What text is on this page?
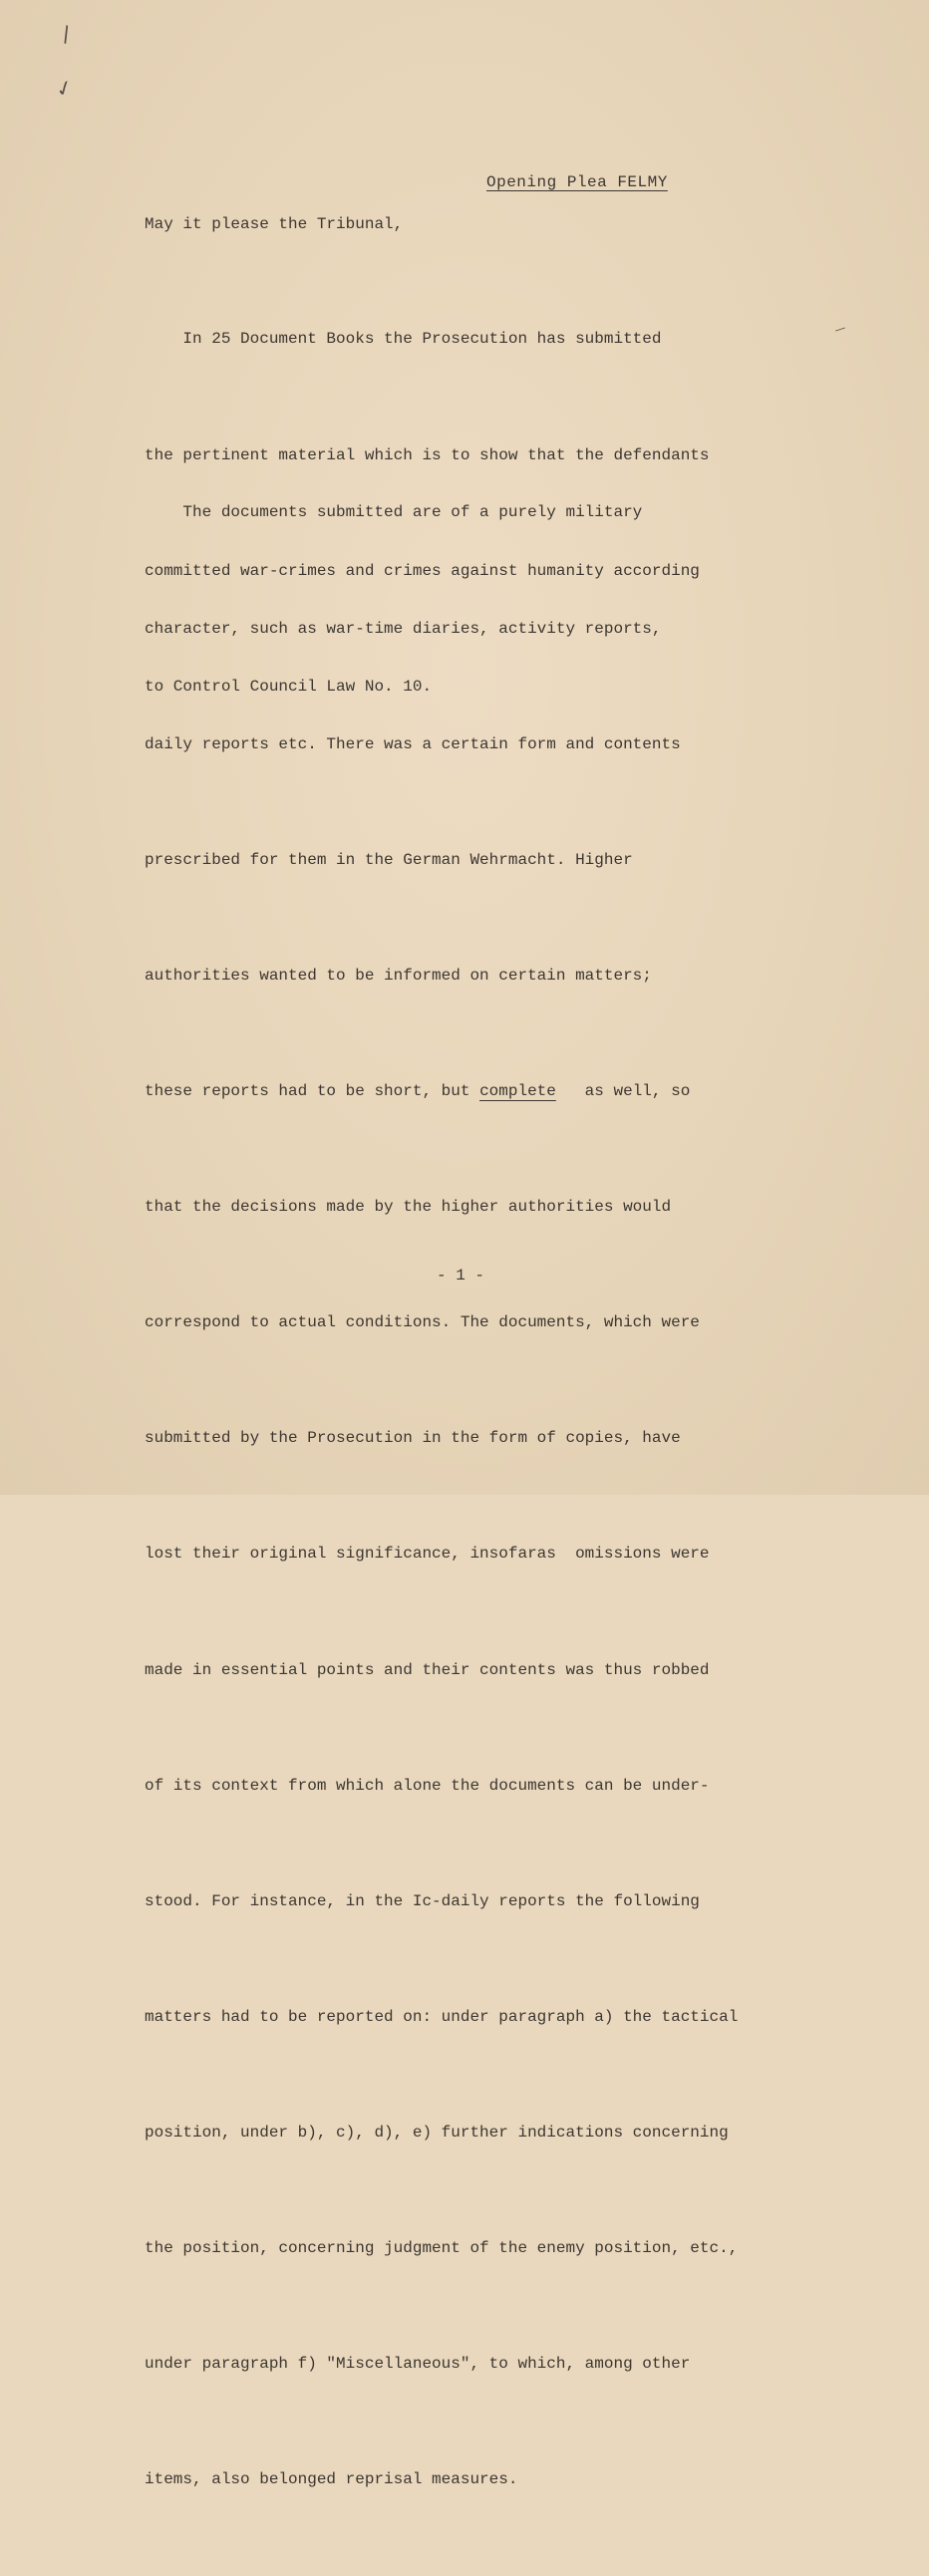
\
✓
Opening Plea FELMY
May it please the Tribunal,

In 25 Document Books the Prosecution has submitted

the pertinent material which is to show that the defendants

committed war-crimes and crimes against humanity according

to Control Council Law No. 10.

The documents submitted are of a purely military

character, such as war-time diaries, activity reports,

daily reports etc. There was a certain form and contents

prescribed for them in the German Wehrmacht. Higher

authorities wanted to be informed on certain matters;

these reports had to be short, but complete   as well, so

that the decisions made by the higher authorities would

correspond to actual conditions. The documents, which were

submitted by the Prosecution in the form of copies, have

lost their original significance, insofaras  omissions were

made in essential points and their contents was thus robbed

of its context from which alone the documents can be under-

stood. For instance, in the Ic-daily reports the following

matters had to be reported on: under paragraph a) the tactical

position, under b), c), d), e) further indications concerning

the position, concerning judgment of the enemy position, etc.,

under paragraph f) "Miscellaneous", to which, among other

items, also belonged reprisal measures.

- 1 -
